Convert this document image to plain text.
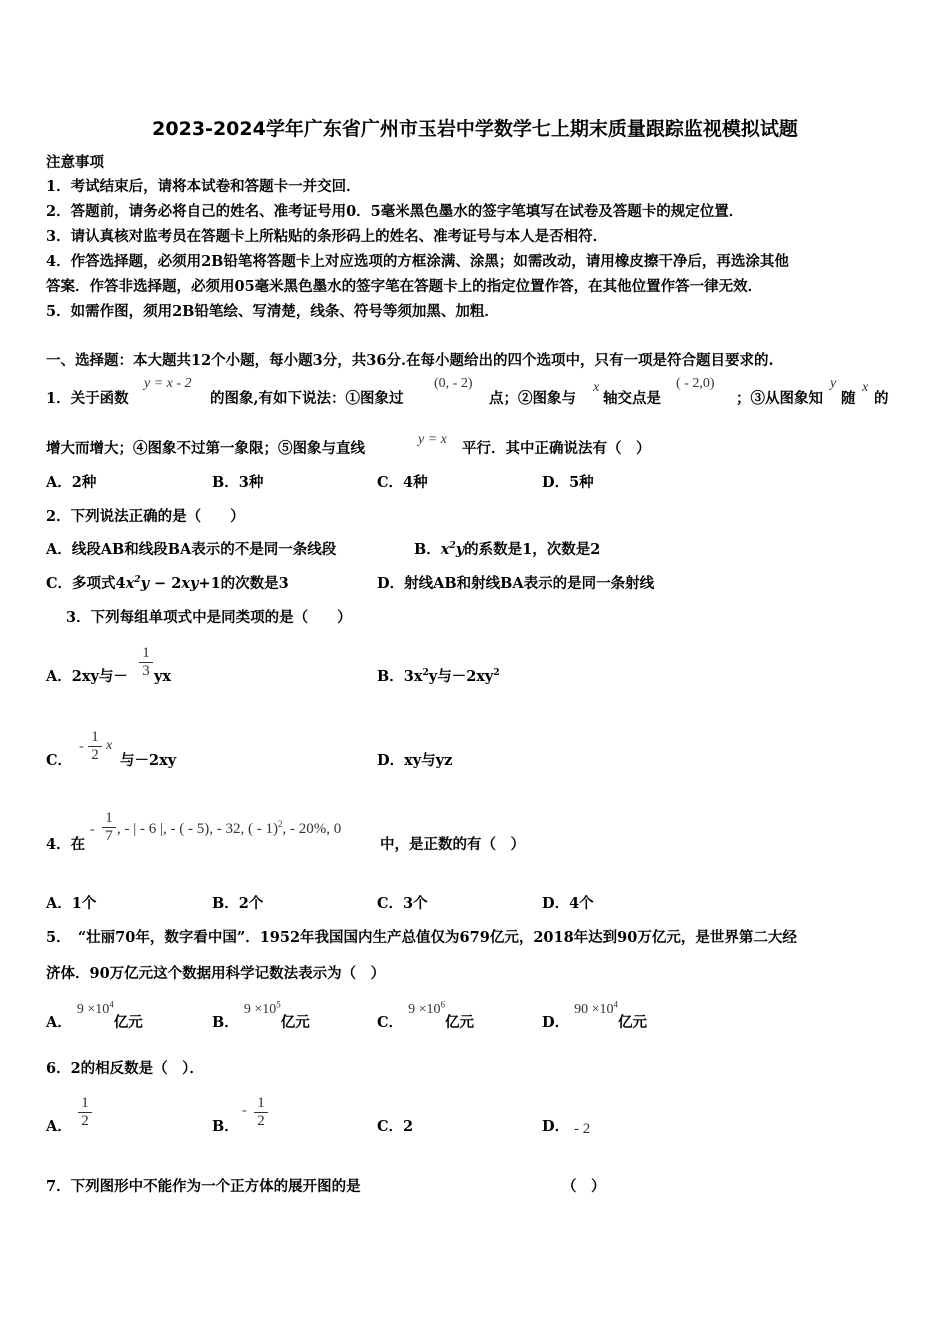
2023-2024学年广东省广州市玉岩中学数学七上期末质量跟踪监视模拟试题
注意事项
1．考试结束后，请将本试卷和答题卡一并交回．
2．答题前，请务必将自己的姓名、准考证号用0．5毫米黑色墨水的签字笔填写在试卷及答题卡的规定位置．
3．请认真核对监考员在答题卡上所粘贴的条形码上的姓名、准考证号与本人是否相符．
4．作答选择题，必须用2B铅笔将答题卡上对应选项的方框涂满、涂黑；如需改动，请用橡皮擦干净后，再选涂其他
答案．作答非选择题，必须用05毫米黑色墨水的签字笔在答题卡上的指定位置作答，在其他位置作答一律无效．
5．如需作图，须用2B铅笔绘、写清楚，线条、符号等须加黑、加粗．
一、选择题：本大题共12个小题，每小题3分，共36分.在每小题给出的四个选项中，只有一项是符合题目要求的.
1．关于函数
y = x - 2
的图象,有如下说法：①图象过
(0, - 2)
点；②图象与
x
轴交点是
( - 2,0)
；③从图象知
y
随
x
的
增大而增大；④图象不过第一象限；⑤图象与直线
y = x
平行．其中正确说法有（　）
A．2种	B．3种	C．4种	D．5种
2．下列说法正确的是（　　）
A．线段AB和线段BA表示的不是同一条线段	B．$x^2y$的系数是1，次数是2
C．多项式$4x^2y - 2xy+1$的次数是3	D．射线AB和射线BA表示的是同一条射线
3．下列每组单项式中是同类项的是（　　）
A．2xy与－
1
3 yx	B．$3x^2y$与$-2xy^2$
C．
-
1
2
x
与－2xy	D．xy与yz
4．在
-
1
7 , - | - 6 |, - ( - 5), - 32, ( - 1)$^2$, - 20%, 0
中，是正数的有（　）
A．1个	B．2个	C．3个	D．4个
5．　“壮丽70年，数字看中国”．1952年我国国内生产总值仅为679亿元，2018年达到90万亿元，是世界第二大经
济体．90万亿元这个数据用科学记数法表示为（　）
A． $9 \times 10^4$亿元	B． $9 \times 10^5$亿元	C． $9 \times 10^6$亿元	D． $90 \times 10^4$亿元
6．2的相反数是（　）．
A．
1
2	B．
- 1
2	C．2	D． - 2
7．下列图形中不能作为一个正方体的展开图的是	（　）
